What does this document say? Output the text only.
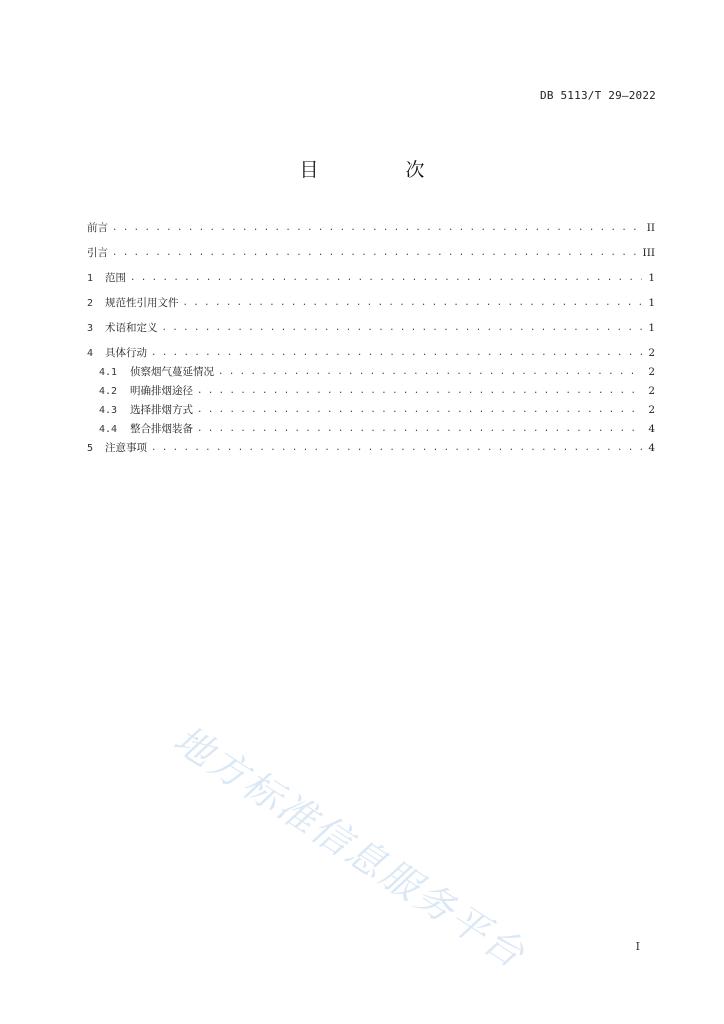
DB 5113/T 29—2022
目　次
前言 . . .	II
引言 . . .	III
1	范围 . . .	1
2	规范性引用文件 . . .	1
3	术语和定义 . . .	1
4	具体行动 . . .	2
4.1	侦察烟气蔓延情况 . . .	2
4.2	明确排烟途径 . . .	2
4.3	选择排烟方式 . . .	2
4.4	整合排烟装备 . . .	4
5	注意事项 . . .	4
地方标准信息服务平台	I
